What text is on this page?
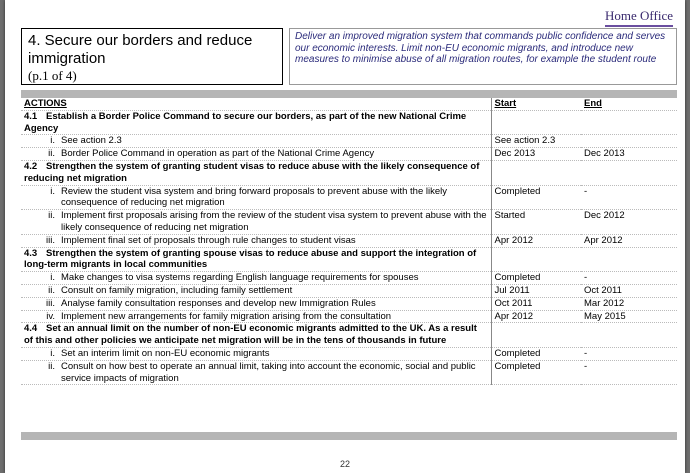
Home Office
4. Secure our borders and reduce immigration
(p.1 of 4)
Deliver an improved migration system that commands public confidence and serves our economic interests. Limit non-EU economic migrants, and introduce new measures to minimise abuse of all migration routes, for example the student route
ACTIONS	Start	End
4.1 Establish a Border Police Command to secure our borders, as part of the new National Crime Agency		
i. See action 2.3	See action 2.3	
ii. Border Police Command in operation as part of the National Crime Agency	Dec 2013	Dec 2013
4.2 Strengthen the system of granting student visas to reduce abuse with the likely consequence of reducing net migration		
i. Review the student visa system and bring forward proposals to prevent abuse with the likely consequence of reducing net migration	Completed	-
ii. Implement first proposals arising from the review of the student visa system to prevent abuse with the likely consequence of reducing net migration	Started	Dec 2012
iii. Implement final set of proposals through rule changes to student visas	Apr 2012	Apr 2012
4.3 Strengthen the system of granting spouse visas to reduce abuse and support the integration of long-term migrants in local communities		
i. Make changes to visa systems regarding English language requirements for spouses	Completed	-
ii. Consult on family migration, including family settlement	Jul 2011	Oct 2011
iii. Analyse family consultation responses and develop new Immigration Rules	Oct 2011	Mar 2012
iv. Implement new arrangements for family migration arising from the consultation	Apr 2012	May 2015
4.4 Set an annual limit on the number of non-EU economic migrants admitted to the UK. As a result of this and other policies we anticipate net migration will be in the tens of thousands in future		
i. Set an interim limit on non-EU economic migrants	Completed	-
ii. Consult on how best to operate an annual limit, taking into account the economic, social and public service impacts of migration	Completed	-
22
